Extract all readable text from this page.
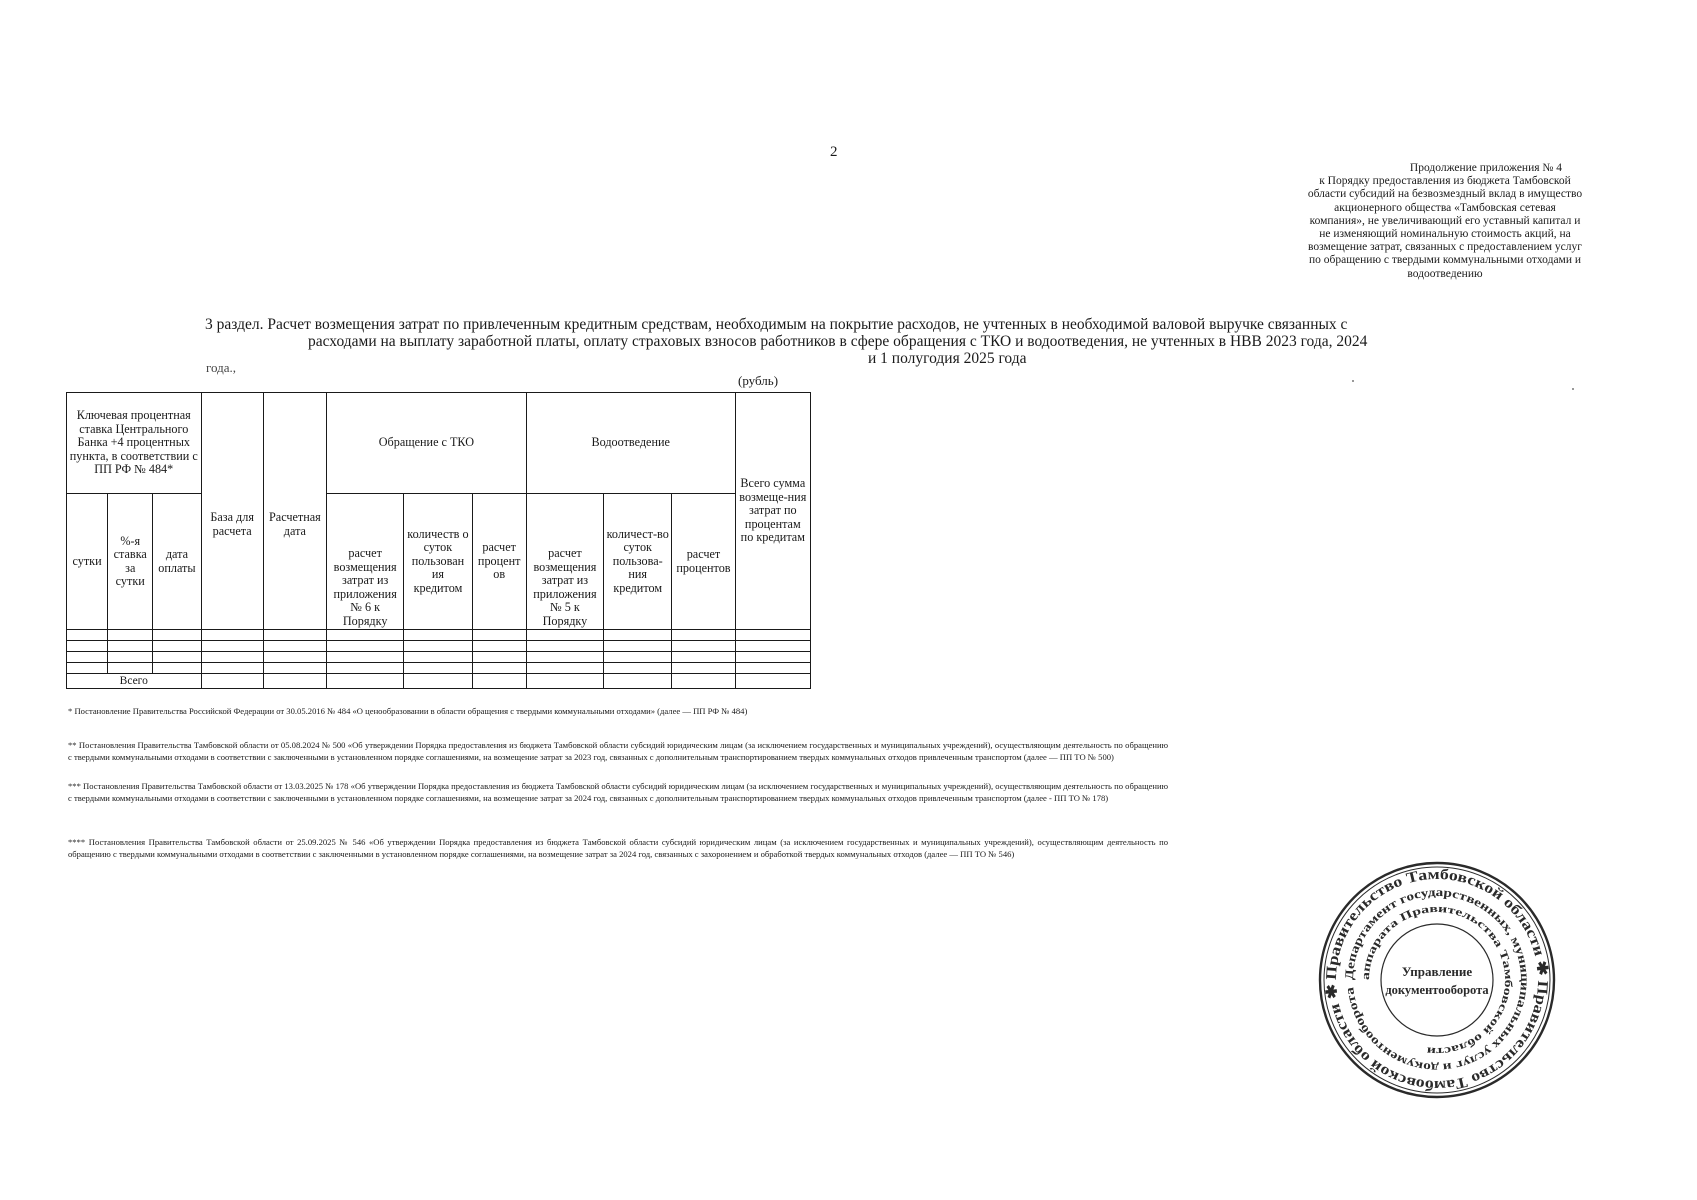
2
Продолжение приложения № 4
к Порядку предоставления из бюджета Тамбовской
области субсидий на безвозмездный вклад в имущество
акционерного общества «Тамбовская сетевая
компания», не увеличивающий его уставный капитал и
не изменяющий номинальную стоимость акций, на
возмещение затрат, связанных с предоставлением услуг
по обращению с твердыми коммунальными отходами и
водоотведению
3 раздел. Расчет возмещения затрат по привлеченным кредитным средствам, необходимым на покрытие расходов, не учтенных в необходимой валовой выручке связанных с
расходами на выплату заработной платы, оплату страховых взносов работников в сфере обращения с ТКО и водоотведения, не учтенных в НВВ 2023 года, 2024
и 1 полугодия 2025 года
года.,
(рубль)
Ключевая процентная ставка Центрального Банка +4 процентных пункта, в соответствии с ПП РФ № 484*			База для расчета	Расчетная дата	Обращение с ТКО			Водоотведение			Всего сумма возмеще-ния затрат по процентам по кредитам
сутки	%-я ставка за сутки	дата оплаты			расчет возмещения затрат из приложения № 6 к Порядку	количеств о суток пользован ия кредитом	расчет процент ов	расчет возмещения затрат из приложения № 5 к Порядку	количест-во суток пользова-ния кредитом	расчет процентов	

Всего											
* Постановление Правительства Российской Федерации от 30.05.2016 № 484 «О ценообразовании в области обращения с твердыми коммунальными отходами» (далее — ПП РФ № 484)
** Постановления Правительства Тамбовской области от 05.08.2024 № 500 «Об утверждении Порядка предоставления из бюджета Тамбовской области субсидий юридическим лицам (за исключением государственных и муниципальных учреждений), осуществляющим деятельность по обращению с твердыми коммунальными отходами в соответствии с заключенными в установленном порядке соглашениями, на возмещение затрат за 2023 год, связанных с дополнительным транспортированием твердых коммунальных отходов привлеченным транспортом (далее — ПП ТО № 500)
*** Постановления Правительства Тамбовской области от 13.03.2025 № 178 «Об утверждении Порядка предоставления из бюджета Тамбовской области субсидий юридическим лицам (за исключением государственных и муниципальных учреждений), осуществляющим деятельность по обращению с твердыми коммунальными отходами в соответствии с заключенными в установленном порядке соглашениями, на возмещение затрат за 2024 год, связанных с дополнительным транспортированием твердых коммунальных отходов привлеченным транспортом (далее - ПП ТО № 178)
**** Постановления Правительства Тамбовской области от 25.09.2025 № 546 «Об утверждении Порядка предоставления из бюджета Тамбовской области субсидий юридическим лицам (за исключением государственных и муниципальных учреждений), осуществляющим деятельность по обращению с твердыми коммунальными отходами в соответствии с заключенными в установленном порядке соглашениями, на возмещение затрат за 2024 год, связанных с захоронением и обработкой твердых коммунальных отходов (далее — ПП ТО № 546)
Правительство Тамбовской области ✱ Правительство Тамбовской области ✱
Департамент государственных, муниципальных услуг и документооборота
аппарата Правительства Тамбовской области
Управление
документооборота
